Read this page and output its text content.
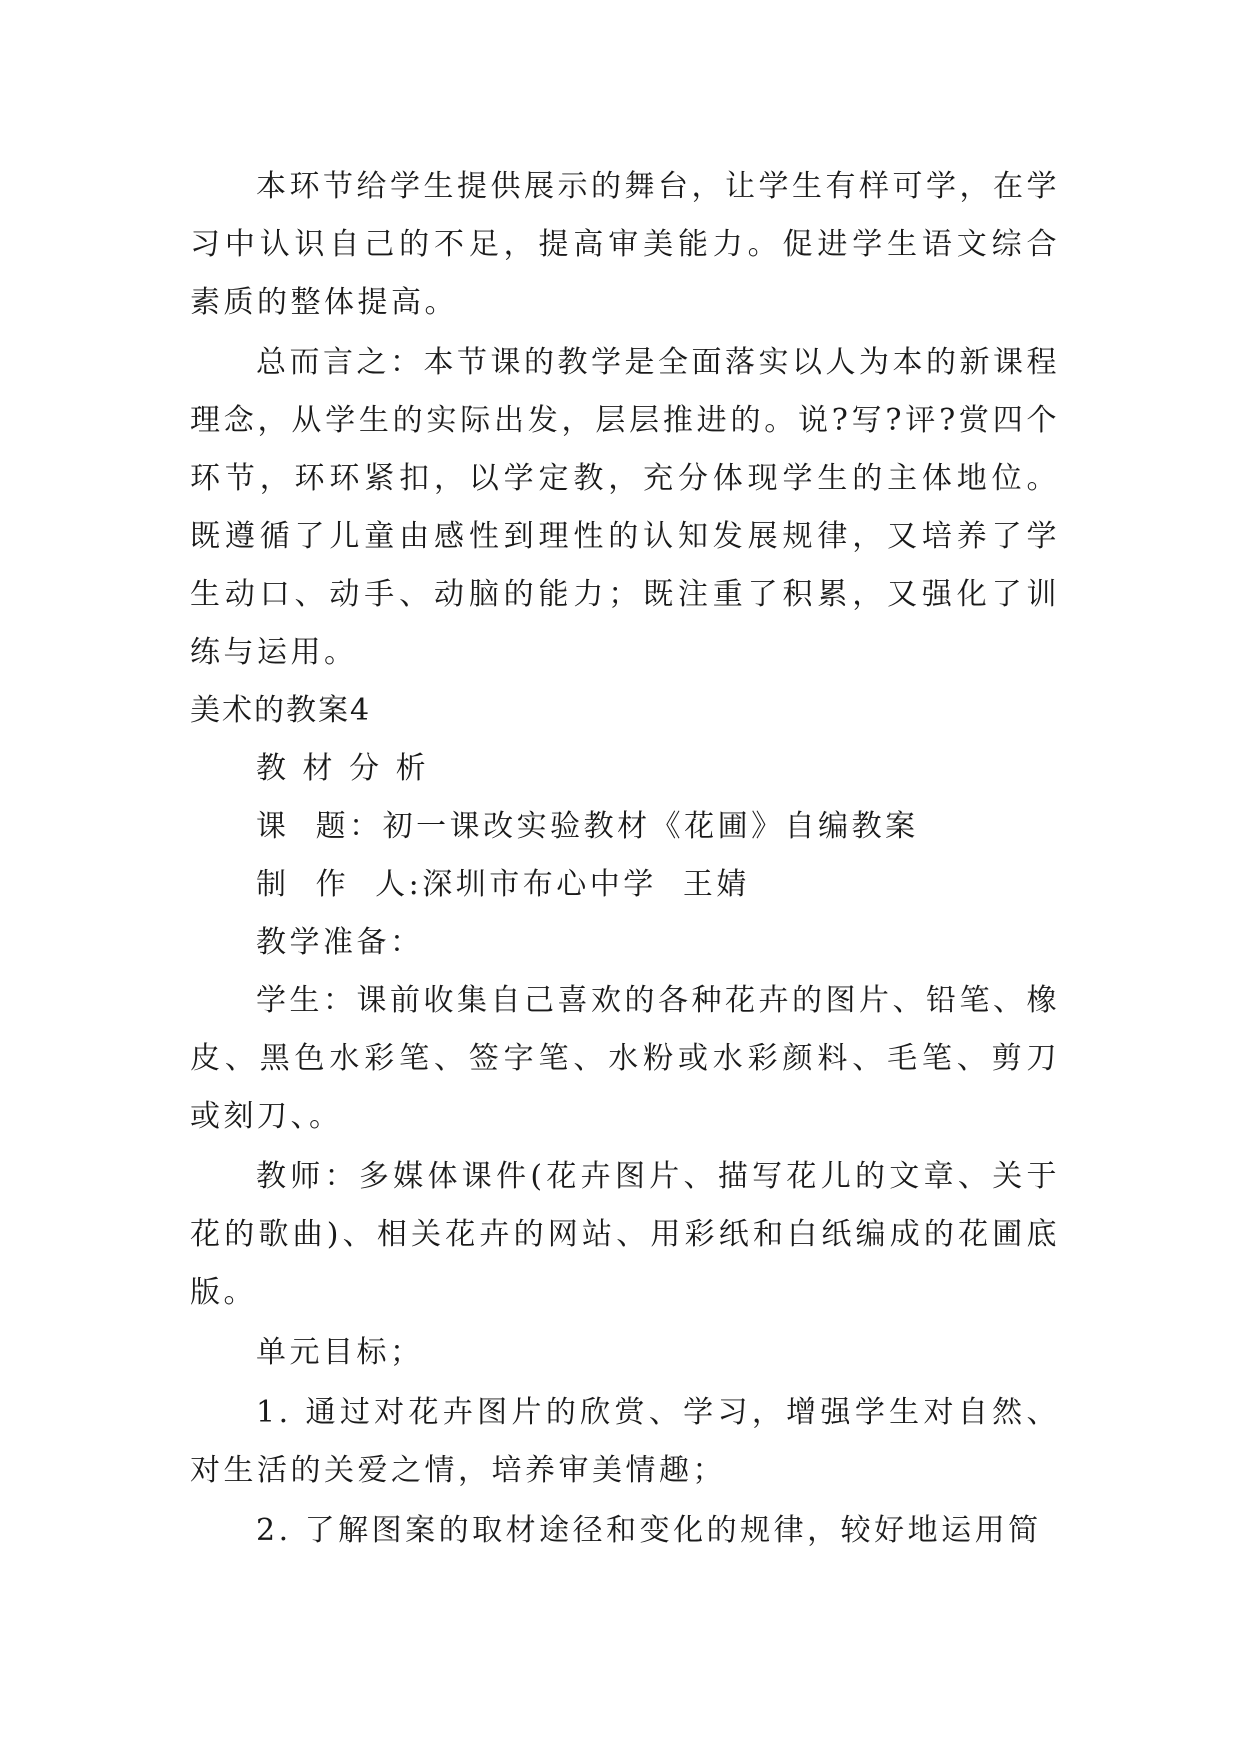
本环节给学生提供展示的舞台，让学生有样可学，在学习中认识自己的不足，提高审美能力。促进学生语文综合素质的整体提高。

总而言之：本节课的教学是全面落实以人为本的新课程理念，从学生的实际出发，层层推进的。说?写?评?赏四个环节，环环紧扣，以学定教，充分体现学生的主体地位。既遵循了儿童由感性到理性的认知发展规律，又培养了学生动口、动手、动脑的能力；既注重了积累，又强化了训练与运用。

美术的教案4

教 材 分 析

课  题：初一课改实验教材《花圃》自编教案

制  作  人:深圳市布心中学  王婧

教学准备：

学生：课前收集自己喜欢的各种花卉的图片、铅笔、橡皮、黑色水彩笔、签字笔、水粉或水彩颜料、毛笔、剪刀或刻刀、。

教师：多媒体课件(花卉图片、描写花儿的文章、关于花的歌曲)、相关花卉的网站、用彩纸和白纸编成的花圃底版。

单元目标；

1. 通过对花卉图片的欣赏、学习，增强学生对自然、对生活的关爱之情，培养审美情趣；

2. 了解图案的取材途径和变化的规律，较好地运用简
